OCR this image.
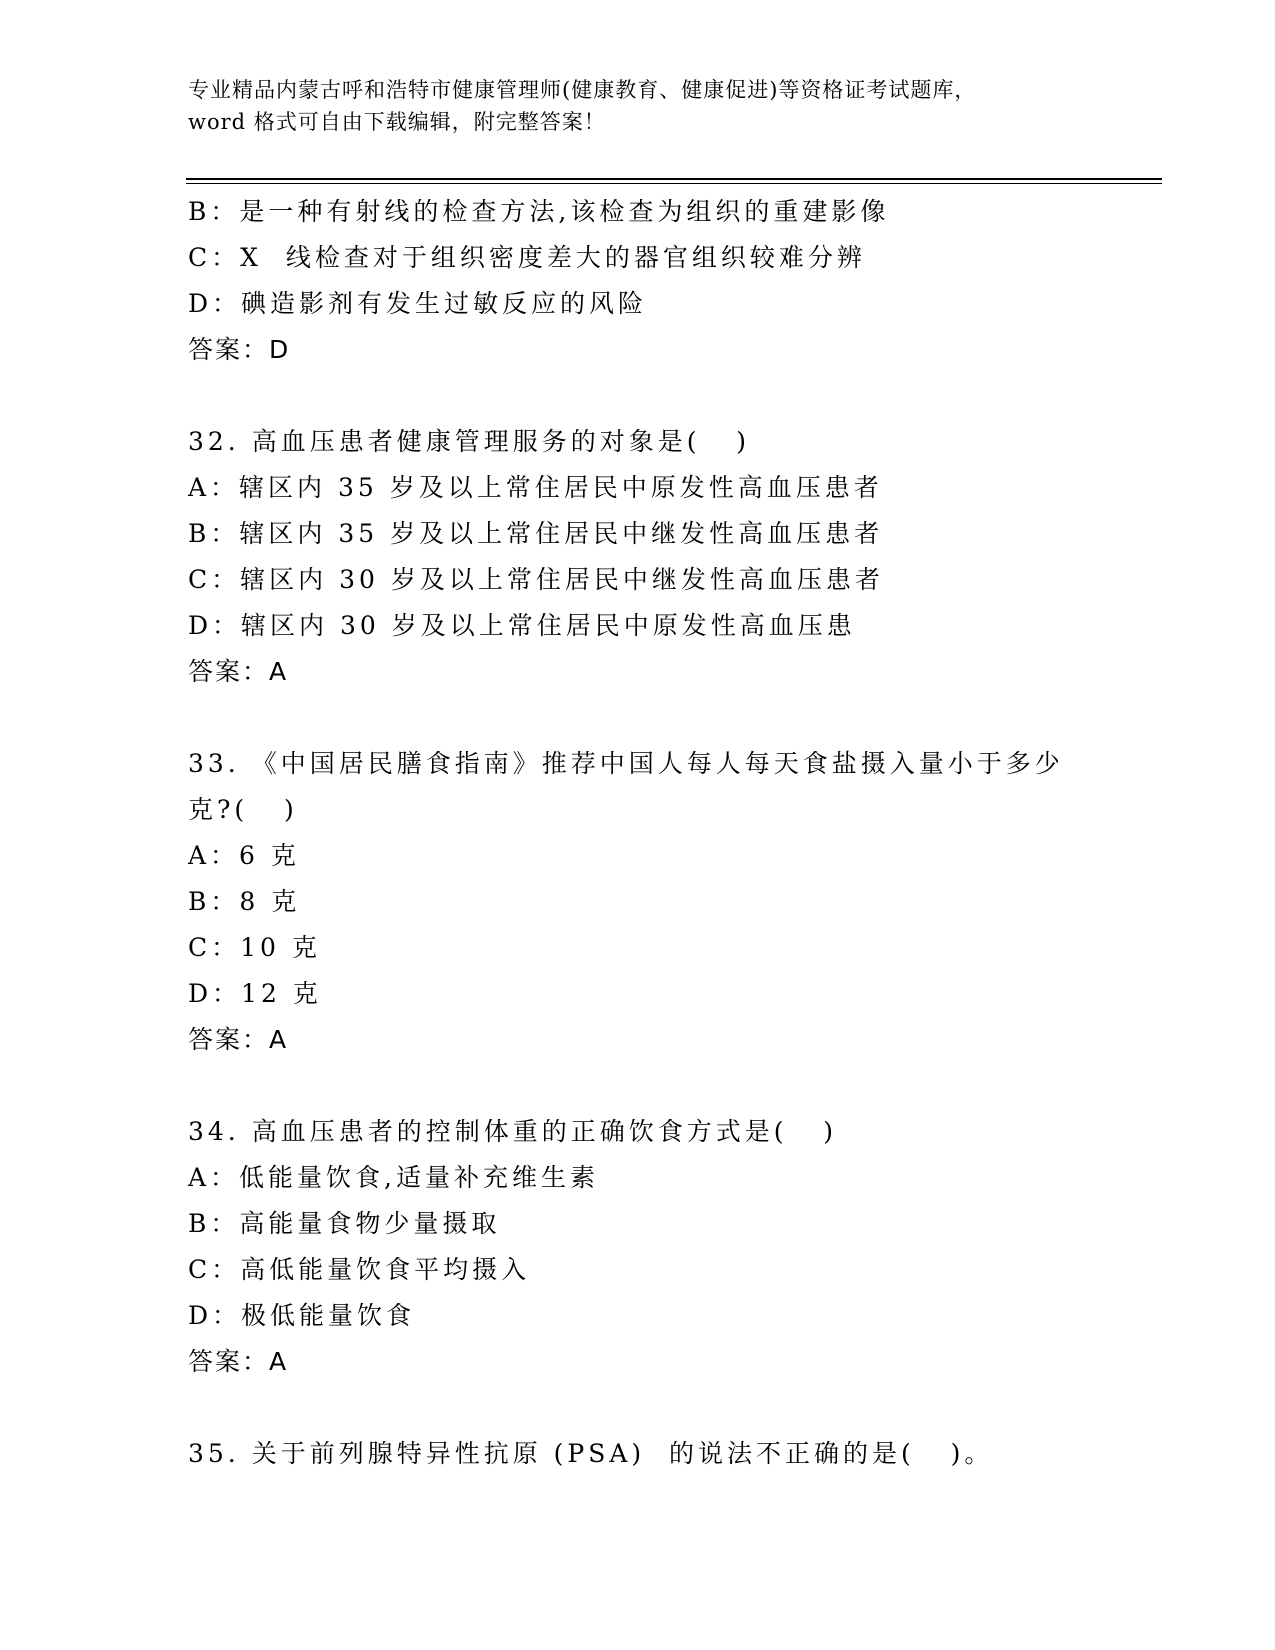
专业精品内蒙古呼和浩特市健康管理师(健康教育、健康促进)等资格证考试题库，
word 格式可自由下载编辑，附完整答案！
B：是一种有射线的检查方法,该检查为组织的重建影像
C：X  线检查对于组织密度差大的器官组织较难分辨
D：碘造影剂有发生过敏反应的风险
答案：D
32. 高血压患者健康管理服务的对象是(   )
A：辖区内 35 岁及以上常住居民中原发性高血压患者
B：辖区内 35 岁及以上常住居民中继发性高血压患者
C：辖区内 30 岁及以上常住居民中继发性高血压患者
D：辖区内 30 岁及以上常住居民中原发性高血压患
答案：A
33. 《中国居民膳食指南》推荐中国人每人每天食盐摄入量小于多少
克?(   )
A：6 克
B：8 克
C：10 克
D：12 克
答案：A
34. 高血压患者的控制体重的正确饮食方式是(   )
A：低能量饮食,适量补充维生素
B：高能量食物少量摄取
C：高低能量饮食平均摄入
D：极低能量饮食
答案：A
35. 关于前列腺特异性抗原 (PSA)  的说法不正确的是(   )。
